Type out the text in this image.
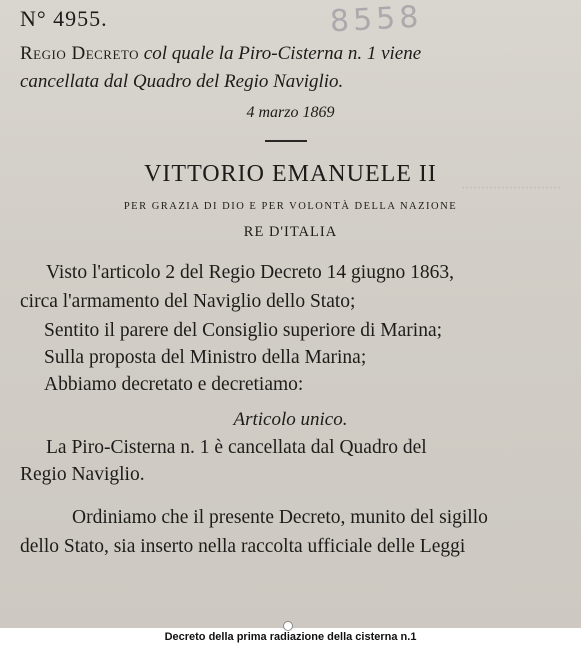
·························
8558
N° 4955.
Regio Decreto col quale la Piro-Cisterna n. 1 viene
cancellata dal Quadro del Regio Naviglio.
4 marzo 1869
VITTORIO EMANUELE II
PER GRAZIA DI DIO E PER VOLONTÀ DELLA NAZIONE
RE D'ITALIA
Visto l'articolo 2 del Regio Decreto 14 giugno 1863,
circa l'armamento del Naviglio dello Stato;
Sentito il parere del Consiglio superiore di Marina;
Sulla proposta del Ministro della Marina;
Abbiamo decretato e decretiamo:
Articolo unico.
La Piro-Cisterna n. 1 è cancellata dal Quadro del
Regio Naviglio.
Ordiniamo che il presente Decreto, munito del sigillo
dello Stato, sia inserto nella raccolta ufficiale delle Leggi
Decreto della prima radiazione della cisterna n.1
